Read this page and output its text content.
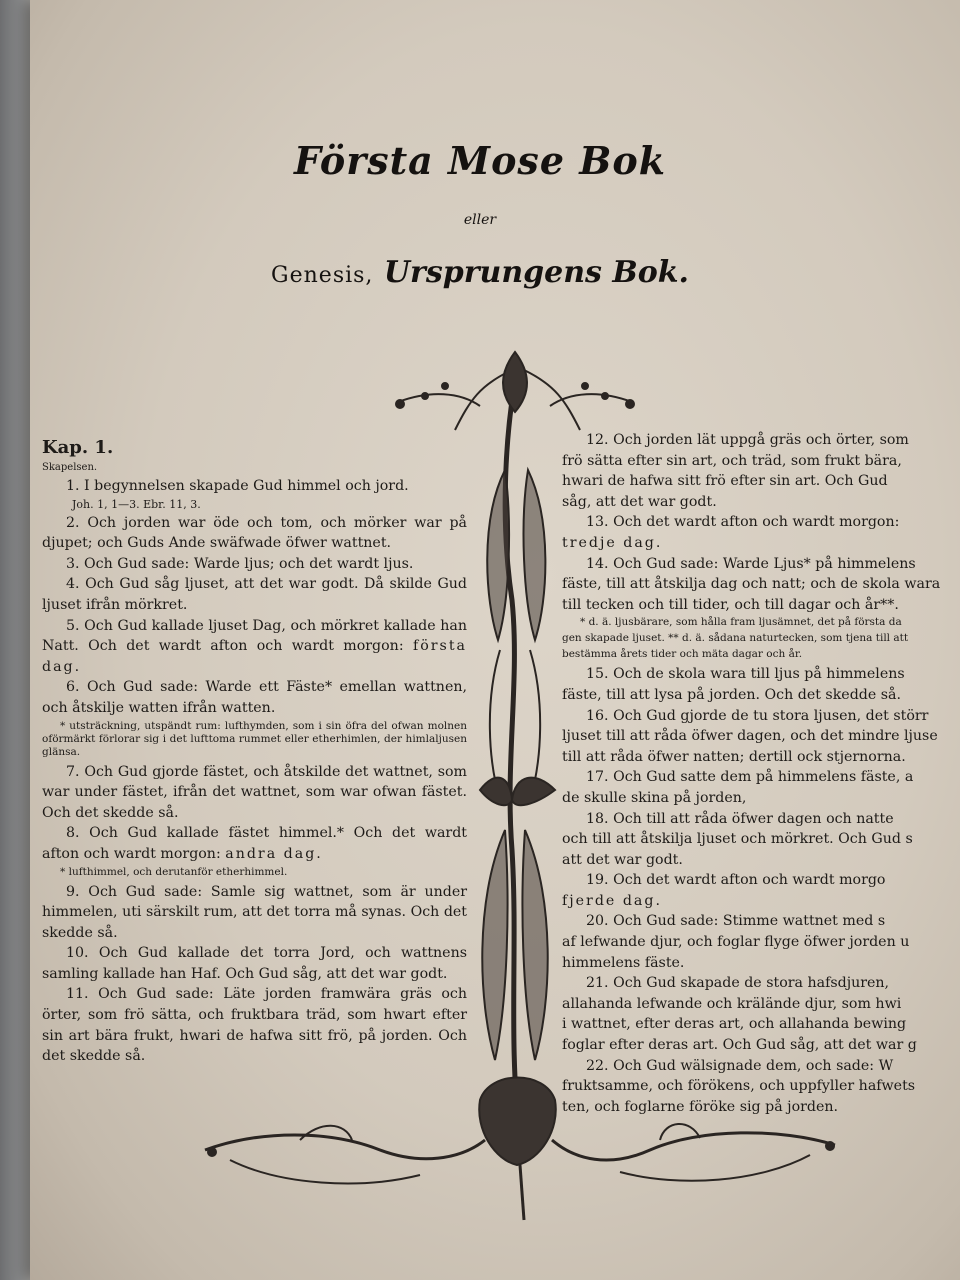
Första Mose Bok
eller
Genesis, Ursprungens Bok.

Kap. 1.

Skapelsen.

1. I begynnelsen skapade Gud himmel och jord.

Joh. 1, 1—3. Ebr. 11, 3.

2. Och jorden war öde och tom, och mörker war på djupet; och Guds Ande swäfwade öfwer wattnet.

3. Och Gud sade: Warde ljus; och det wardt ljus.

4. Och Gud såg ljuset, att det war godt. Då skilde Gud ljuset ifrån mörkret.

5. Och Gud kallade ljuset Dag, och mörkret kallade han Natt. Och det wardt afton och wardt morgon: första dag.

6. Och Gud sade: Warde ett Fäste* emellan wattnen, och åtskilje watten ifrån watten.

* utsträckning, utspändt rum: lufthymden, som i sin öfra del ofwan molnen oförmärkt förlorar sig i det lufttoma rummet eller etherhimlen, der himlaljusen glänsa.

7. Och Gud gjorde fästet, och åtskilde det wattnet, som war under fästet, ifrån det wattnet, som war ofwan fästet. Och det skedde så.

8. Och Gud kallade fästet himmel.* Och det wardt afton och wardt morgon: andra dag.

* lufthimmel, och derutanför etherhimmel.

9. Och Gud sade: Samle sig wattnet, som är under himmelen, uti särskilt rum, att det torra må synas. Och det skedde så.

10. Och Gud kallade det torra Jord, och wattnens samling kallade han Haf. Och Gud såg, att det war godt.

11. Och Gud sade: Läte jorden framwära gräs och örter, som frö sätta, och fruktbara träd, som hwart efter sin art bära frukt, hwari de hafwa sitt frö, på jorden. Och det skedde så.

12. Och jorden lät uppgå gräs och örter, som

frö sätta efter sin art, och träd, som frukt bära,

hwari de hafwa sitt frö efter sin art. Och Gud

såg, att det war godt.

13. Och det wardt afton och wardt morgon:

tredje dag.

14. Och Gud sade: Warde Ljus* på himmelens

fäste, till att åtskilja dag och natt; och de skola wara

till tecken och till tider, och till dagar och år**.

* d. ä. ljusbärare, som hålla fram ljusämnet, det på första da

gen skapade ljuset. ** d. ä. sådana naturtecken, som tjena till att

bestämma årets tider och mäta dagar och år.

15. Och de skola wara till ljus på himmelens

fäste, till att lysa på jorden. Och det skedde så.

16. Och Gud gjorde de tu stora ljusen, det störr

ljuset till att råda öfwer dagen, och det mindre ljuse

till att råda öfwer natten; dertill ock stjernorna.

17. Och Gud satte dem på himmelens fäste, a

de skulle skina på jorden,

18. Och till att råda öfwer dagen och natte

och till att åtskilja ljuset och mörkret. Och Gud s

att det war godt.

19. Och det wardt afton och wardt morgo

fjerde dag.

20. Och Gud sade: Stimme wattnet med s

af lefwande djur, och foglar flyge öfwer jorden u

himmelens fäste.

21. Och Gud skapade de stora hafsdjuren,

allahanda lefwande och kräländе djur, som hwi

i wattnet, efter deras art, och allahanda bewing

foglar efter deras art. Och Gud såg, att det war g

22. Och Gud wälsignade dem, och sade: W

fruktsamme, och förökens, och uppfyller hafwets

ten, och foglarne föröke sig på jorden.
